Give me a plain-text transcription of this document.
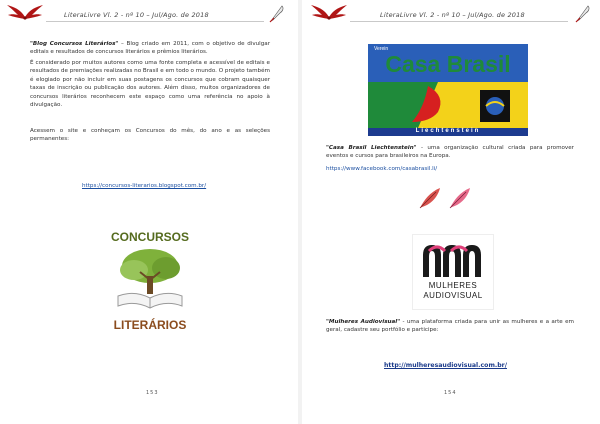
LiteraLivre Vl. 2 - nº 10 – Jul/Ago. de 2018
"Blog Concursos Literários" – Blog criado em 2011, com o objetivo de divulgar editais e resultados de concursos literários e prêmios literários.
É considerado por muitos autores como uma fonte completa e acessível de editais e resultados de premiações realizadas no Brasil e em todo o mundo. O projeto também é elogiado por não incluir em suas postagens os concursos que cobram quaisquer taxas de inscrição ou publicação dos autores. Além disso, muitos organizadores de concursos literários reconhecem este espaço como uma referência no apoio à divulgação.
Acessem o site e conheçam os Concursos do mês, do ano e as seleções permanentes:
https://concursos-literarios.blogspot.com.br/
CONCURSOS
LITERÁRIOS
153
LiteraLivre Vl. 2 - nº 10 – Jul/Ago. de 2018
Verein
Casa Brasil
Liechtenstein
"Casa Brasil Liechtenstein" - uma organização cultural criada para promover eventos e cursos para brasileiros na Europa.
https://www.facebook.com/casabrasil.li/
MULHERES
AUDIOVISUAL
"Mulheres Audiovisual" - uma plataforma criada para unir as mulheres e a arte em geral, cadastre seu portfólio e participe:
http://mulheresaudiovisual.com.br/
154
